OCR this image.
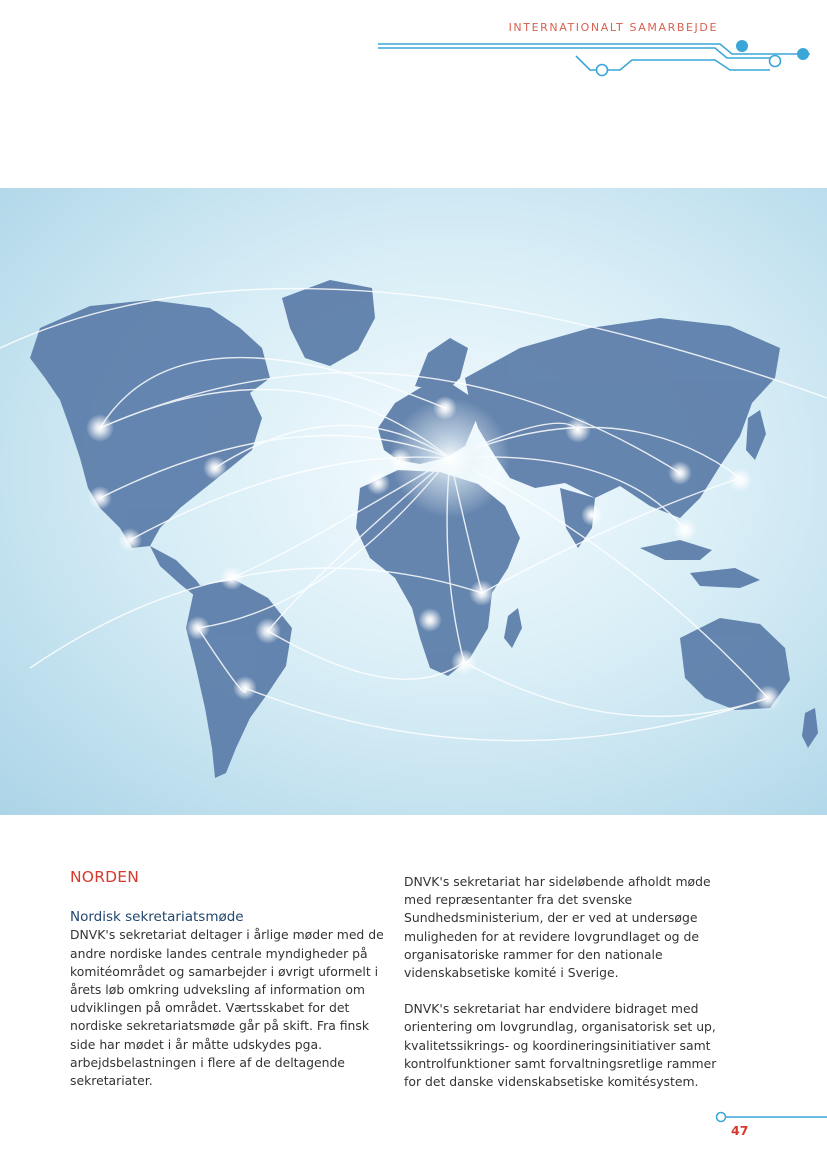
INTERNATIONALT SAMARBEJDE
NORDEN
Nordisk sekretariatsmøde

DNVK's sekretariat deltager i årlige møder med de andre nordiske landes centrale myndigheder på komitéområdet og samarbejder i øvrigt uformelt i årets løb omkring udveksling af information om udviklingen på området. Værtsskabet for det nordiske sekretariatsmøde går på skift. Fra finsk side har mødet i år måtte udskydes pga. arbejdsbelastningen i flere af de deltagende sekretariater.

DNVK's sekretariat har sideløbende afholdt møde med repræsentanter fra det svenske Sundhedsministerium, der er ved at undersøge muligheden for at revidere lovgrundlaget og de organisatoriske rammer for den nationale videnskabsetiske komité i Sverige.

DNVK's sekretariat har endvidere bidraget med orientering om lovgrundlag, organisatorisk set up, kvalitetssikrings- og koordineringsinitiativer samt kontrolfunktioner samt forvaltningsretlige rammer for det danske videnskabsetiske komitésystem.

47
